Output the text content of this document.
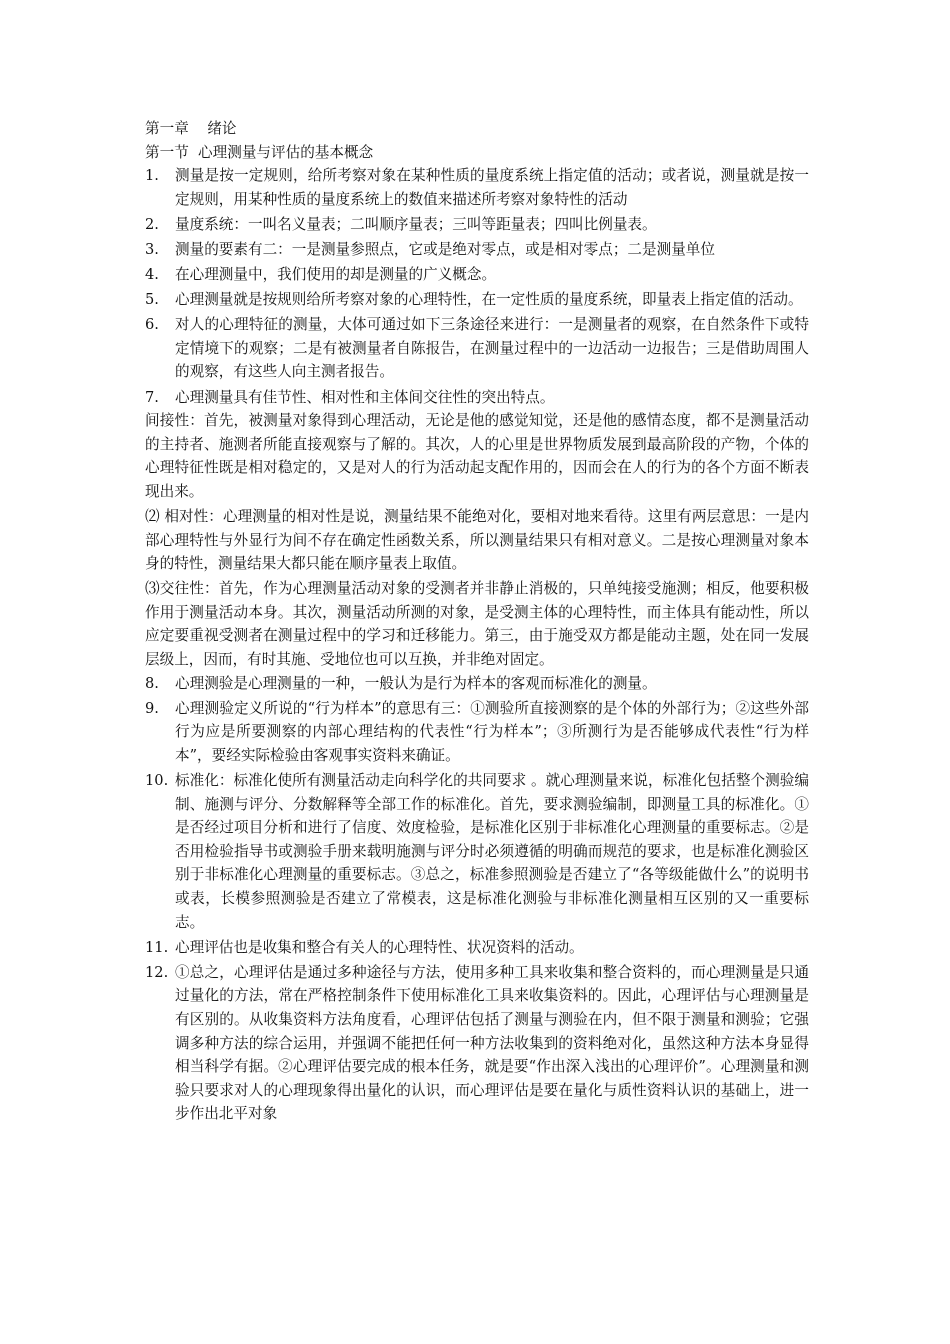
第一章    绪论

第一节  心理测量与评估的基本概念

1.	测量是按一定规则，给所考察对象在某种性质的量度系统上指定值的活动；或者说，测量就是按一定规则，用某种性质的量度系统上的数值来描述所考察对象特性的活动
2.	量度系统：一叫名义量表；二叫顺序量表；三叫等距量表；四叫比例量表。
3.	测量的要素有二：一是测量参照点，它或是绝对零点，或是相对零点；二是测量单位
4.	在心理测量中，我们使用的却是测量的广义概念。
5.	心理测量就是按规则给所考察对象的心理特性，在一定性质的量度系统，即量表上指定值的活动。
6.	对人的心理特征的测量，大体可通过如下三条途径来进行：一是测量者的观察，在自然条件下或特定情境下的观察；二是有被测量者自陈报告，在测量过程中的一边活动一边报告；三是借助周围人的观察，有这些人向主测者报告。
7.	心理测量具有佳节性、相对性和主体间交往性的突出特点。

间接性：首先，被测量对象得到心理活动，无论是他的感觉知觉，还是他的感情态度，都不是测量活动的主持者、施测者所能直接观察与了解的。其次，人的心里是世界物质发展到最高阶段的产物，个体的心理特征性既是相对稳定的，又是对人的行为活动起支配作用的，因而会在人的行为的各个方面不断表现出来。

⑵ 相对性：心理测量的相对性是说，测量结果不能绝对化，要相对地来看待。这里有两层意思：一是内部心理特性与外显行为间不存在确定性函数关系，所以测量结果只有相对意义。二是按心理测量对象本身的特性，测量结果大都只能在顺序量表上取值。

⑶交往性：首先，作为心理测量活动对象的受测者并非静止消极的，只单纯接受施测；相反，他要积极作用于测量活动本身。其次，测量活动所测的对象，是受测主体的心理特性，而主体具有能动性，所以应定要重视受测者在测量过程中的学习和迁移能力。第三，由于施受双方都是能动主题，处在同一发展层级上，因而，有时其施、受地位也可以互换，并非绝对固定。

8.	心理测验是心理测量的一种，一般认为是行为样本的客观而标准化的测量。
9.	心理测验定义所说的“行为样本”的意思有三：①测验所直接测察的是个体的外部行为；②这些外部行为应是所要测察的内部心理结构的代表性“行为样本”；③所测行为是否能够成代表性“行为样本”，要经实际检验由客观事实资料来确证。
10. 标准化：标准化使所有测量活动走向科学化的共同要求 。就心理测量来说，标准化包括整个测验编制、施测与评分、分数解释等全部工作的标准化。首先，要求测验编制，即测量工具的标准化。①是否经过项目分析和进行了信度、效度检验，是标准化区别于非标准化心理测量的重要标志。②是否用检验指导书或测验手册来载明施测与评分时必须遵循的明确而规范的要求，也是标准化测验区别于非标准化心理测量的重要标志。③总之，标准参照测验是否建立了“各等级能做什么”的说明书或表，长模参照测验是否建立了常模表，这是标准化测验与非标准化测量相互区别的又一重要标志。
11. 心理评估也是收集和整合有关人的心理特性、状况资料的活动。
12. ①总之，心理评估是通过多种途径与方法，使用多种工具来收集和整合资料的，而心理测量是只通过量化的方法，常在严格控制条件下使用标准化工具来收集资料的。因此，心理评估与心理测量是有区别的。从收集资料方法角度看，心理评估包括了测量与测验在内，但不限于测量和测验；它强调多种方法的综合运用，并强调不能把任何一种方法收集到的资料绝对化，虽然这种方法本身显得相当科学有据。②心理评估要完成的根本任务，就是要“作出深入浅出的心理评价”。心理测量和测验只要求对人的心理现象得出量化的认识，而心理评估是要在量化与质性资料认识的基础上，进一步作出北平对象
